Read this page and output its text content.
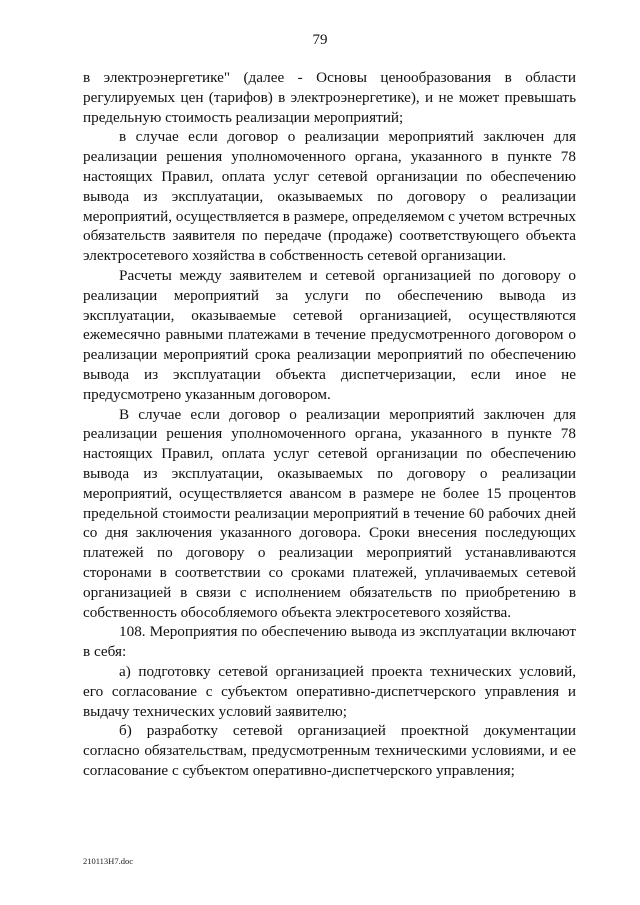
79

в электроэнергетике" (далее - Основы ценообразования в области регулируемых цен (тарифов) в электроэнергетике), и не может превышать предельную стоимость реализации мероприятий;

в случае если договор о реализации мероприятий заключен для реализации решения уполномоченного органа, указанного в пункте 78 настоящих Правил, оплата услуг сетевой организации по обеспечению вывода из эксплуатации, оказываемых по договору о реализации мероприятий, осуществляется в размере, определяемом с учетом встречных обязательств заявителя по передаче (продаже) соответствующего объекта электросетевого хозяйства в собственность сетевой организации.

Расчеты между заявителем и сетевой организацией по договору о реализации мероприятий за услуги по обеспечению вывода из эксплуатации, оказываемые сетевой организацией, осуществляются ежемесячно равными платежами в течение предусмотренного договором о реализации мероприятий срока реализации мероприятий по обеспечению вывода из эксплуатации объекта диспетчеризации, если иное не предусмотрено указанным договором.

В случае если договор о реализации мероприятий заключен для реализации решения уполномоченного органа, указанного в пункте 78 настоящих Правил, оплата услуг сетевой организации по обеспечению вывода из эксплуатации, оказываемых по договору о реализации мероприятий, осуществляется авансом в размере не более 15 процентов предельной стоимости реализации мероприятий в течение 60 рабочих дней со дня заключения указанного договора. Сроки внесения последующих платежей по договору о реализации мероприятий устанавливаются сторонами в соответствии со сроками платежей, уплачиваемых сетевой организацией в связи с исполнением обязательств по приобретению в собственность обособляемого объекта электросетевого хозяйства.

108. Мероприятия по обеспечению вывода из эксплуатации включают в себя:

а) подготовку сетевой организацией проекта технических условий, его согласование с субъектом оперативно-диспетчерского управления и выдачу технических условий заявителю;

б) разработку сетевой организацией проектной документации согласно обязательствам, предусмотренным техническими условиями, и ее согласование с субъектом оперативно-диспетчерского управления;

210113Н7.doc
